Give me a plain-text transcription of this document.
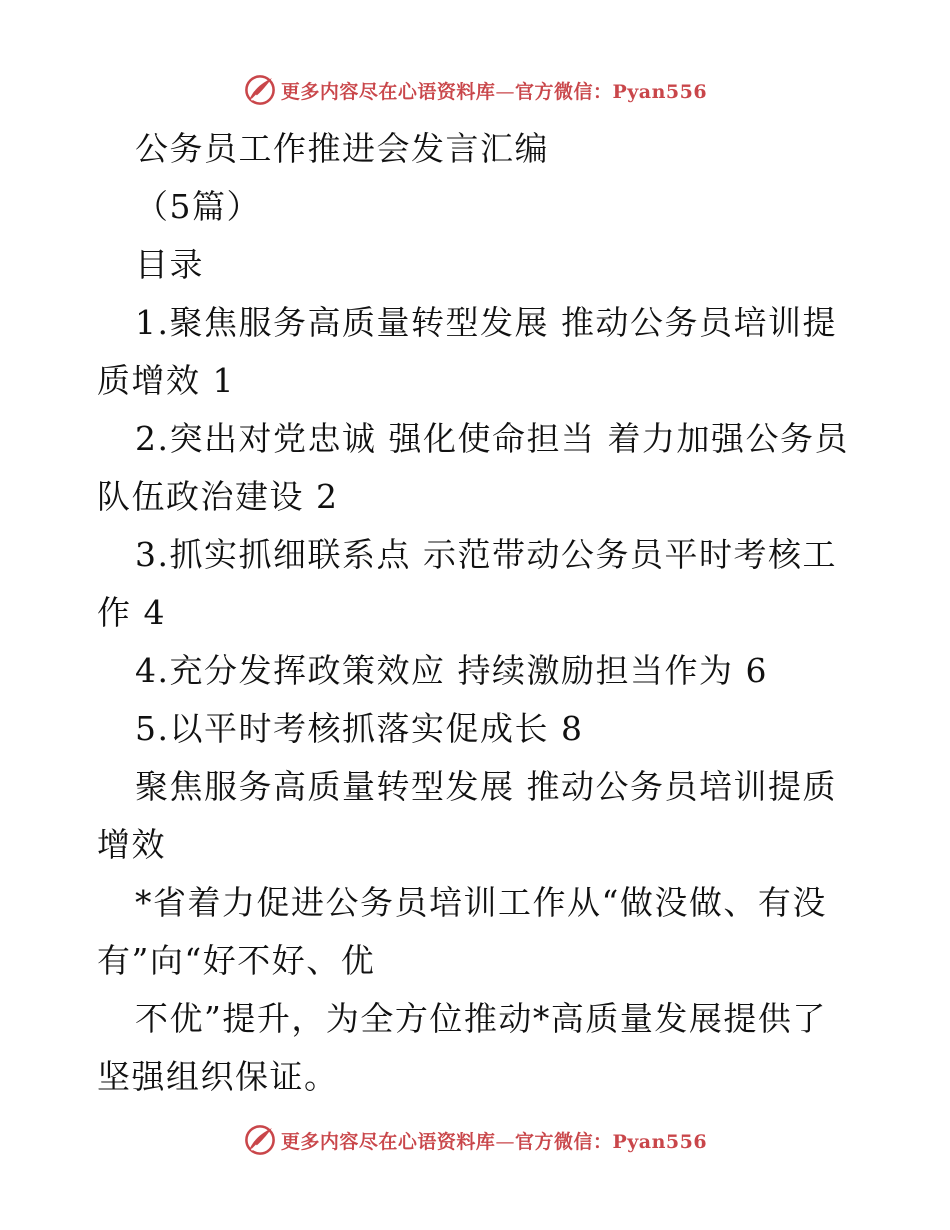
更多内容尽在心语资料库—官方微信：Pyan556
公务员工作推进会发言汇编
（5篇）
目录
1.聚焦服务高质量转型发展 推动公务员培训提
质增效 1
2.突出对党忠诚 强化使命担当 着力加强公务员
队伍政治建设 2
3.抓实抓细联系点 示范带动公务员平时考核工
作 4
4.充分发挥政策效应 持续激励担当作为 6
5.以平时考核抓落实促成长 8
聚焦服务高质量转型发展 推动公务员培训提质
增效
*省着力促进公务员培训工作从“做没做、有没
有”向“好不好、优
不优”提升，为全方位推动*高质量发展提供了
坚强组织保证。
更多内容尽在心语资料库—官方微信：Pyan556
